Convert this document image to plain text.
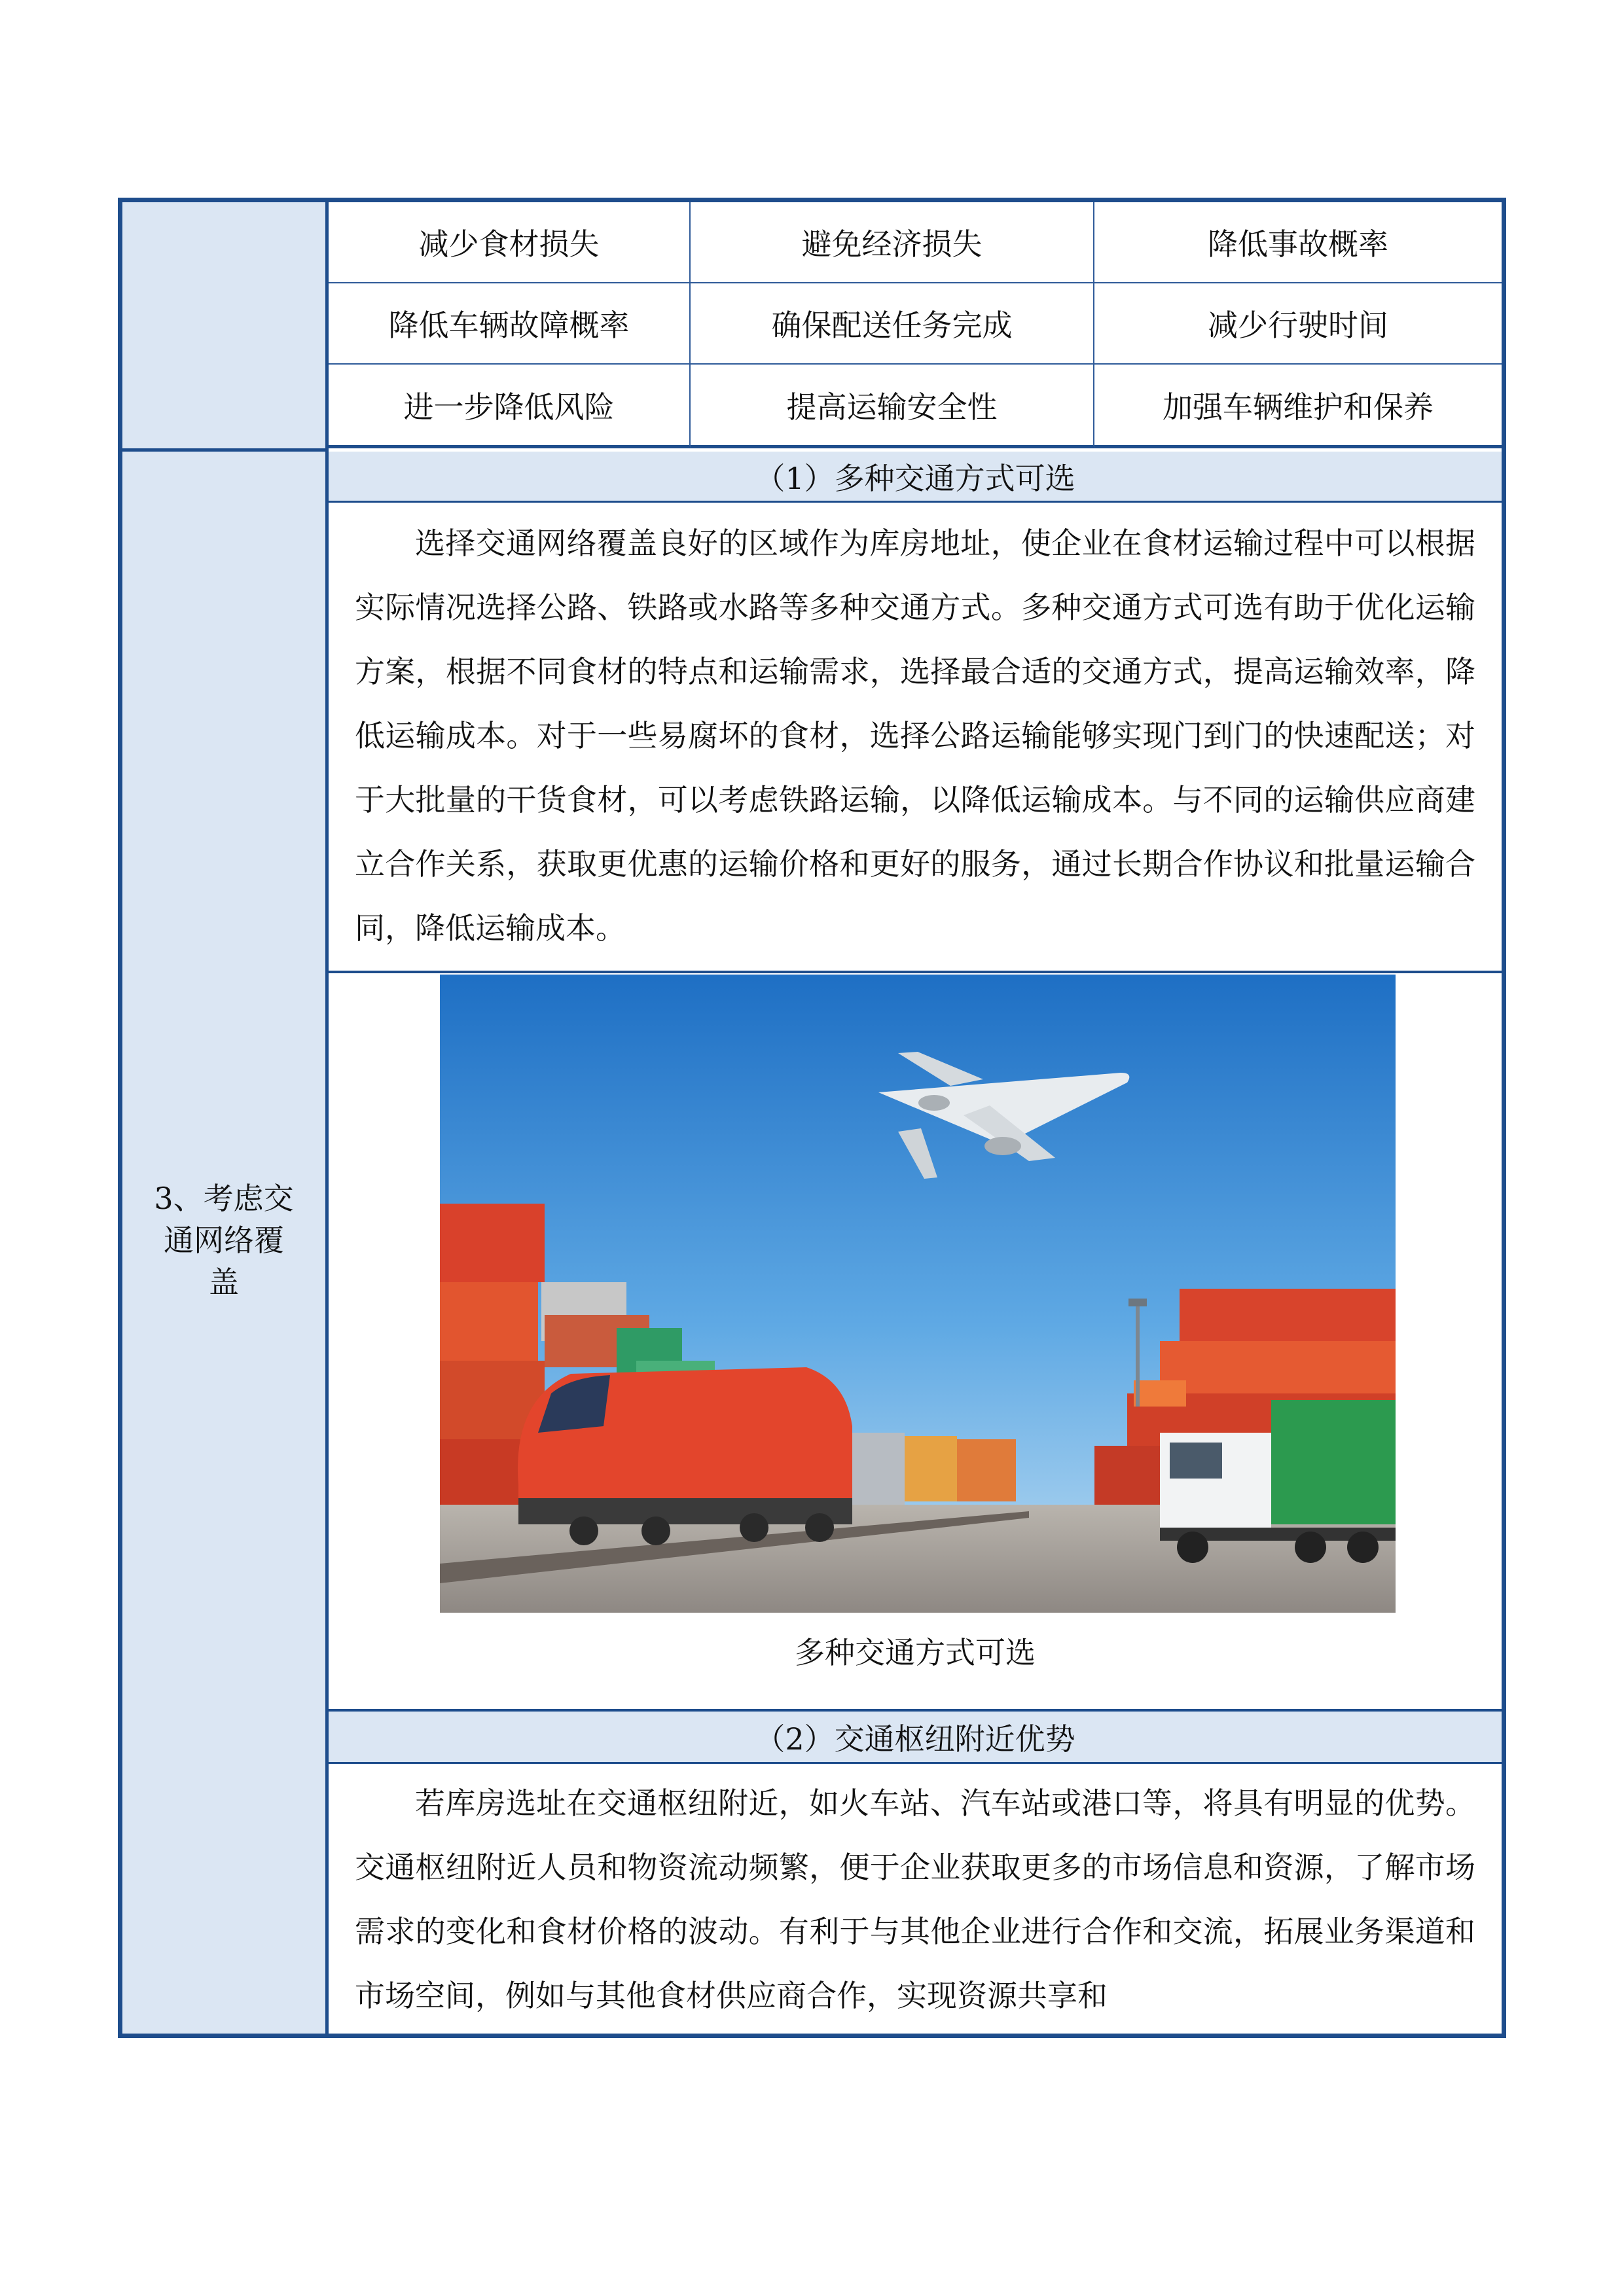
3、考虑交
通网络覆
盖
减少食材损失	避免经济损失	降低事故概率
降低车辆故障概率	确保配送任务完成	减少行驶时间
进一步降低风险	提高运输安全性	加强车辆维护和保养
（1）多种交通方式可选

选择交通网络覆盖良好的区域作为库房地址，使企业在食材运输过程中可以根据实际情况选择公路、铁路或水路等多种交通方式。多种交通方式可选有助于优化运输方案，根据不同食材的特点和运输需求，选择最合适的交通方式，提高运输效率，降低运输成本。对于一些易腐坏的食材，选择公路运输能够实现门到门的快速配送；对于大批量的干货食材，可以考虑铁路运输，以降低运输成本。与不同的运输供应商建立合作关系，获取更优惠的运输价格和更好的服务，通过长期合作协议和批量运输合同，降低运输成本。

多种交通方式可选
（2）交通枢纽附近优势

若库房选址在交通枢纽附近，如火车站、汽车站或港口等，将具有明显的优势。交通枢纽附近人员和物资流动频繁，便于企业获取更多的市场信息和资源，了解市场需求的变化和食材价格的波动。有利于与其他企业进行合作和交流，拓展业务渠道和市场空间，例如与其他食材供应商合作，实现资源共享和
